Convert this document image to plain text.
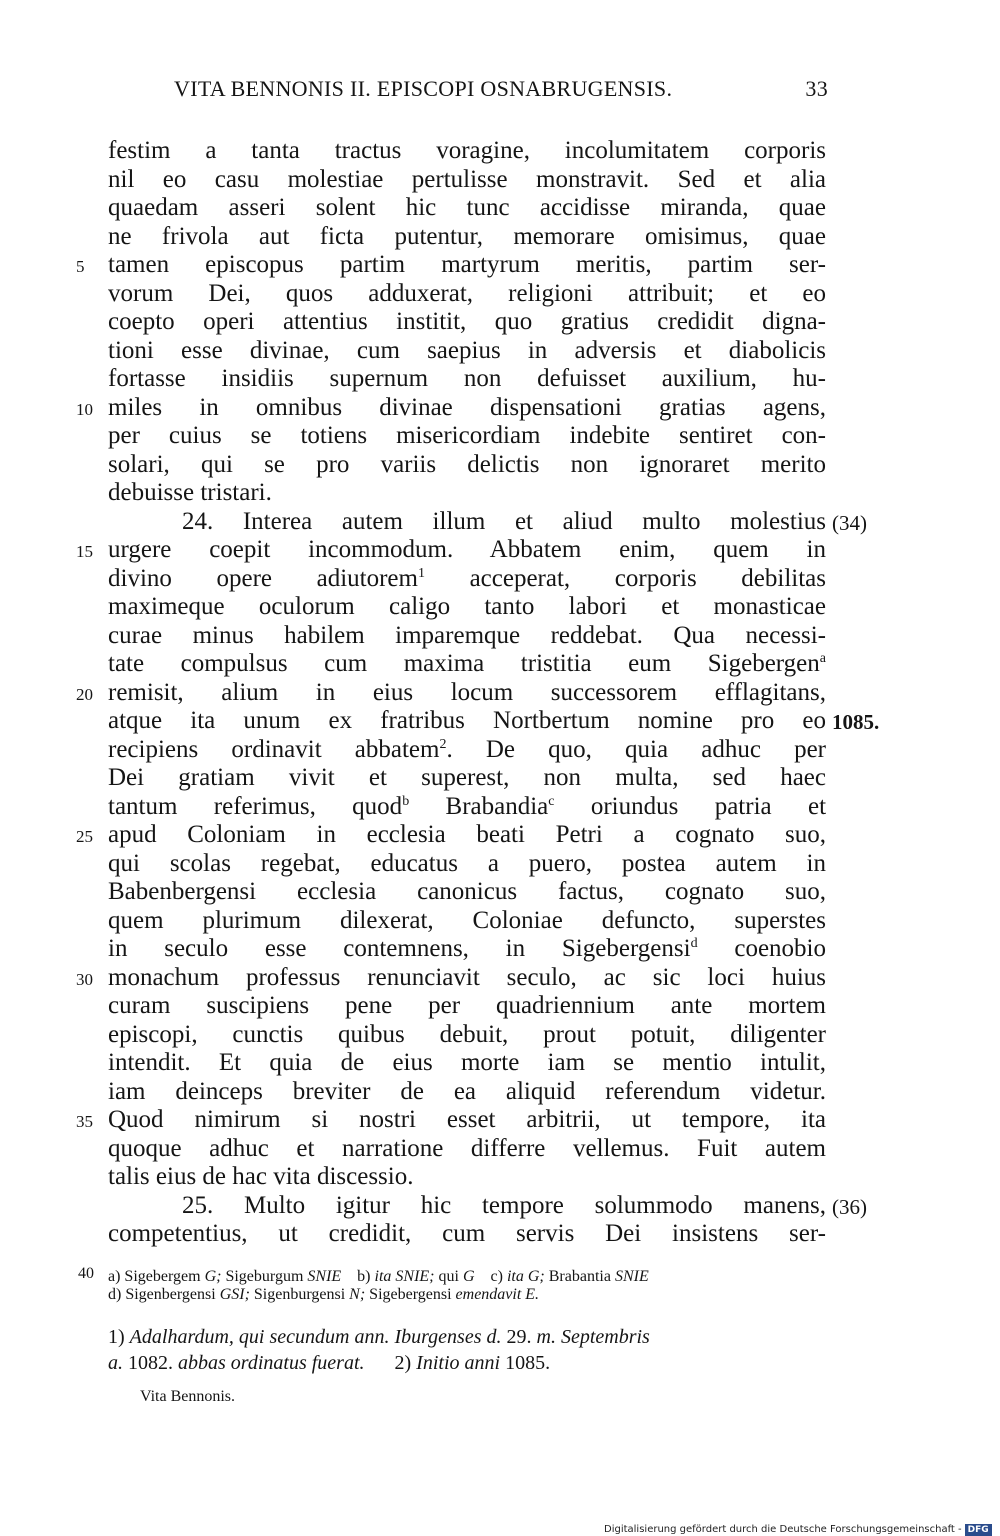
VITA BENNONIS II. EPISCOPI OSNABRUGENSIS.	33
festim a tanta tractus voragine, incolumitatem corporis
nil eo casu molestiae pertulisse monstravit. Sed et alia
quaedam asseri solent hic tunc accidisse miranda, quae
ne frivola aut ficta putentur, memorare omisimus, quae
tamen episcopus partim martyrum meritis, partim ser-
vorum Dei, quos adduxerat, religioni attribuit; et eo
coepto operi attentius institit, quo gratius credidit digna-
tioni esse divinae, cum saepius in adversis et diabolicis
fortasse insidiis supernum non defuisset auxilium, hu-
miles in omnibus divinae dispensationi gratias agens,
per cuius se totiens misericordiam indebite sentiret con-
solari, qui se pro variis delictis non ignoraret merito
debuisse tristari.
24. Interea autem illum et aliud multo molestius
urgere coepit incommodum. Abbatem enim, quem in
divino opere adiutorem$^1$ acceperat, corporis debilitas
maximeque oculorum caligo tanto labori et monasticae
curae minus habilem imparemque reddebat. Qua necessi-
tate compulsus cum maxima tristitia eum Sigebergen$^a$
remisit, alium in eius locum successorem efflagitans,
atque ita unum ex fratribus Nortbertum nomine pro eo
recipiens ordinavit abbatem$^2$. De quo, quia adhuc per
Dei gratiam vivit et superest, non multa, sed haec
tantum referimus, quod$^b$ Brabandia$^c$ oriundus patria et
apud Coloniam in ecclesia beati Petri a cognato suo,
qui scolas regebat, educatus a puero, postea autem in
Babenbergensi ecclesia canonicus factus, cognato suo,
quem plurimum dilexerat, Coloniae defuncto, superstes
in seculo esse contemnens, in Sigebergensi$^d$ coenobio
monachum professus renunciavit seculo, ac sic loci huius
curam suscipiens pene per quadriennium ante mortem
episcopi, cunctis quibus debuit, prout potuit, diligenter
intendit. Et quia de eius morte iam se mentio intulit,
iam deinceps breviter de ea aliquid referendum videtur.
Quod nimirum si nostri esset arbitrii, ut tempore, ita
quoque adhuc et narratione differre vellemus. Fuit autem
talis eius de hac vita discessio.
25. Multo igitur hic tempore solummodo manens,
competentius, ut credidit, cum servis Dei insistens ser-
5
10
15
20
25
30
35
(34)
1085.
(36)
40 a) Sigebergem G; Sigeburgum SNIE b) ita SNIE; qui G c) ita G; Brabantia SNIE
d) Sigenbergensi GSI; Sigenburgensi N; Sigebergensi emendavit E.
1) Adalhardum, qui secundum ann. Iburgenses d. 29. m. Septembris
a. 1082. abbas ordinatus fuerat. 2) Initio anni 1085.
Vita Bennonis.
Digitalisierung gefördert durch die Deutsche Forschungsgemeinschaft - DFG
